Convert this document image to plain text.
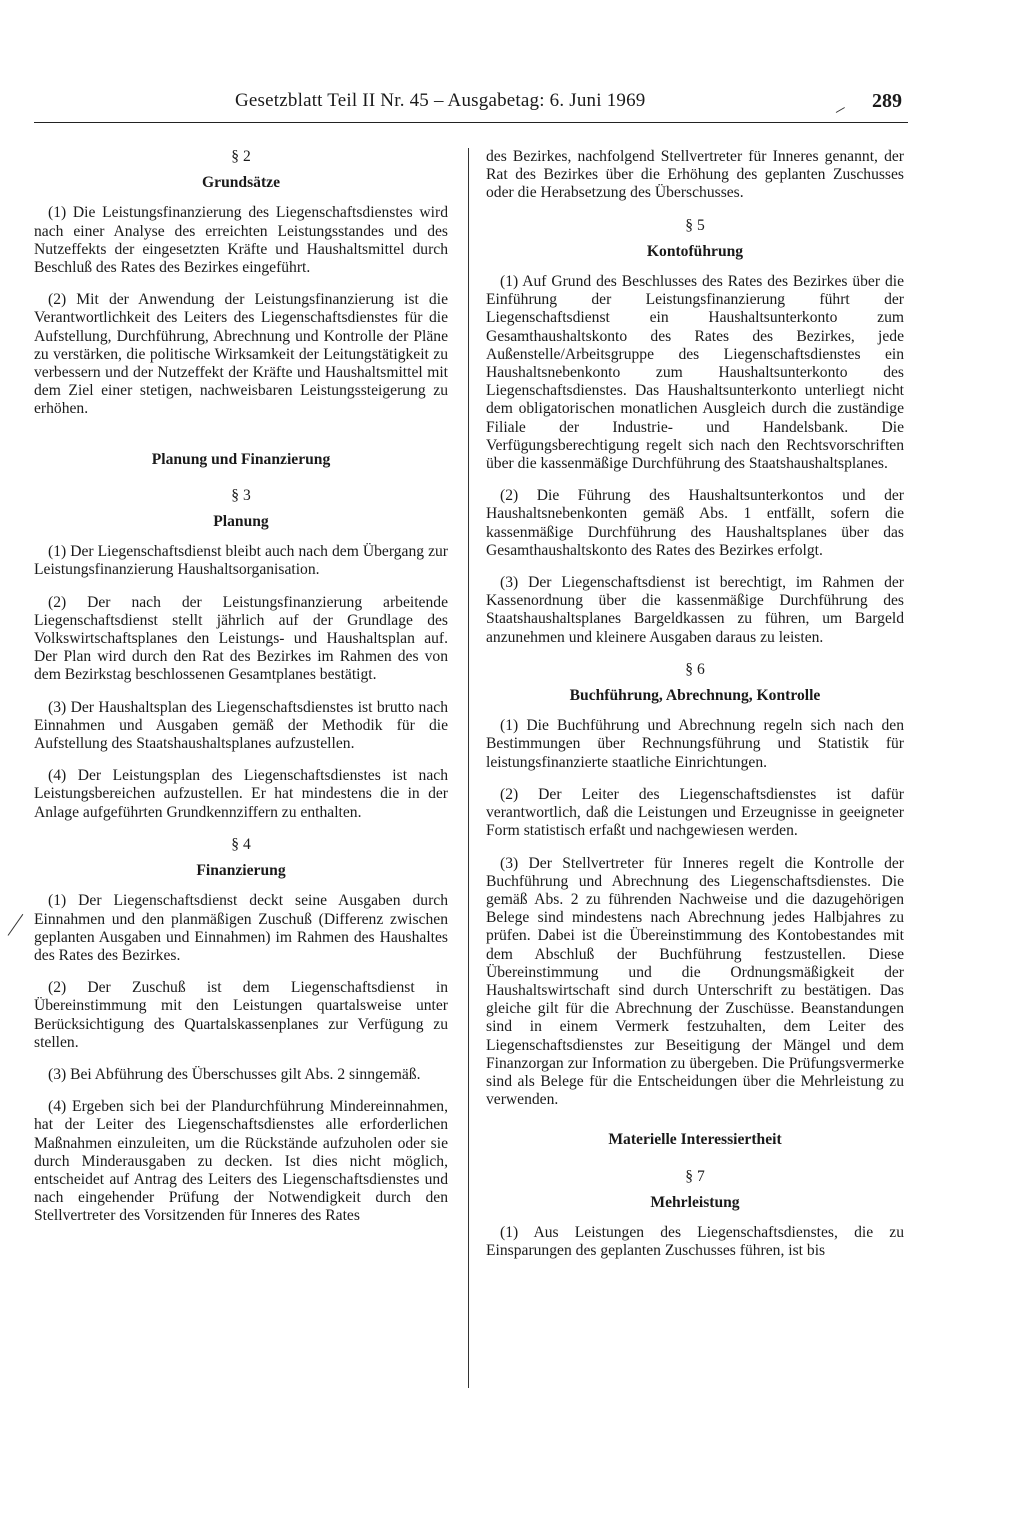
Gesetzblatt Teil II Nr. 45 – Ausgabetag: 6. Juni 1969	289
§ 2
Grundsätze

(1) Die Leistungsfinanzierung des Liegenschaftsdienstes wird nach einer Analyse des erreichten Leistungsstandes und des Nutzeffekts der eingesetzten Kräfte und Haushaltsmittel durch Beschluß des Rates des Bezirkes eingeführt.

(2) Mit der Anwendung der Leistungsfinanzierung ist die Verantwortlichkeit des Leiters des Liegenschaftsdienstes für die Aufstellung, Durchführung, Abrechnung und Kontrolle der Pläne zu verstärken, die politische Wirksamkeit der Leitungstätigkeit zu verbessern und der Nutzeffekt der Kräfte und Haushaltsmittel mit dem Ziel einer stetigen, nachweisbaren Leistungssteigerung zu erhöhen.

Planung und Finanzierung
§ 3
Planung

(1) Der Liegenschaftsdienst bleibt auch nach dem Übergang zur Leistungsfinanzierung Haushaltsorganisation.

(2) Der nach der Leistungsfinanzierung arbeitende Liegenschaftsdienst stellt jährlich auf der Grundlage des Volkswirtschaftsplanes den Leistungs- und Haushaltsplan auf. Der Plan wird durch den Rat des Bezirkes im Rahmen des von dem Bezirkstag beschlossenen Gesamtplanes bestätigt.

(3) Der Haushaltsplan des Liegenschaftsdienstes ist brutto nach Einnahmen und Ausgaben gemäß der Methodik für die Aufstellung des Staatshaushaltsplanes aufzustellen.

(4) Der Leistungsplan des Liegenschaftsdienstes ist nach Leistungsbereichen aufzustellen. Er hat mindestens die in der Anlage aufgeführten Grundkennziffern zu enthalten.

§ 4
Finanzierung

(1) Der Liegenschaftsdienst deckt seine Ausgaben durch Einnahmen und den planmäßigen Zuschuß (Differenz zwischen geplanten Ausgaben und Einnahmen) im Rahmen des Haushaltes des Rates des Bezirkes.

(2) Der Zuschuß ist dem Liegenschaftsdienst in Übereinstimmung mit den Leistungen quartalsweise unter Berücksichtigung des Quartalskassenplanes zur Verfügung zu stellen.

(3) Bei Abführung des Überschusses gilt Abs. 2 sinngemäß.

(4) Ergeben sich bei der Plandurchführung Mindereinnahmen, hat der Leiter des Liegenschaftsdienstes alle erforderlichen Maßnahmen einzuleiten, um die Rückstände aufzuholen oder sie durch Minderausgaben zu decken. Ist dies nicht möglich, entscheidet auf Antrag des Leiters des Liegenschaftsdienstes und nach eingehender Prüfung der Notwendigkeit durch den Stellvertreter des Vorsitzenden für Inneres des Rates

des Bezirkes, nachfolgend Stellvertreter für Inneres genannt, der Rat des Bezirkes über die Erhöhung des geplanten Zuschusses oder die Herabsetzung des Überschusses.

§ 5
Kontoführung

(1) Auf Grund des Beschlusses des Rates des Bezirkes über die Einführung der Leistungsfinanzierung führt der Liegenschaftsdienst ein Haushaltsunterkonto zum Gesamthaushaltskonto des Rates des Bezirkes, jede Außenstelle/Arbeitsgruppe des Liegenschaftsdienstes ein Haushaltsnebenkonto zum Haushaltsunterkonto des Liegenschaftsdienstes. Das Haushaltsunterkonto unterliegt nicht dem obligatorischen monatlichen Ausgleich durch die zuständige Filiale der Industrie- und Handelsbank. Die Verfügungsberechtigung regelt sich nach den Rechtsvorschriften über die kassenmäßige Durchführung des Staatshaushaltsplanes.

(2) Die Führung des Haushaltsunterkontos und der Haushaltsnebenkonten gemäß Abs. 1 entfällt, sofern die kassenmäßige Durchführung des Haushaltsplanes über das Gesamthaushaltskonto des Rates des Bezirkes erfolgt.

(3) Der Liegenschaftsdienst ist berechtigt, im Rahmen der Kassenordnung über die kassenmäßige Durchführung des Staatshaushaltsplanes Bargeldkassen zu führen, um Bargeld anzunehmen und kleinere Ausgaben daraus zu leisten.

§ 6
Buchführung, Abrechnung, Kontrolle

(1) Die Buchführung und Abrechnung regeln sich nach den Bestimmungen über Rechnungsführung und Statistik für leistungsfinanzierte staatliche Einrichtungen.

(2) Der Leiter des Liegenschaftsdienstes ist dafür verantwortlich, daß die Leistungen und Erzeugnisse in geeigneter Form statistisch erfaßt und nachgewiesen werden.

(3) Der Stellvertreter für Inneres regelt die Kontrolle der Buchführung und Abrechnung des Liegenschaftsdienstes. Die gemäß Abs. 2 zu führenden Nachweise und die dazugehörigen Belege sind mindestens nach Abrechnung jedes Halbjahres zu prüfen. Dabei ist die Übereinstimmung des Kontobestandes mit dem Abschluß der Buchführung festzustellen. Diese Übereinstimmung und die Ordnungsmäßigkeit der Haushaltswirtschaft sind durch Unterschrift zu bestätigen. Das gleiche gilt für die Abrechnung der Zuschüsse. Beanstandungen sind in einem Vermerk festzuhalten, dem Leiter des Liegenschaftsdienstes zur Beseitigung der Mängel und dem Finanzorgan zur Information zu übergeben. Die Prüfungsvermerke sind als Belege für die Entscheidungen über die Mehrleistung zu verwenden.

Materielle Interessiertheit
§ 7
Mehrleistung

(1) Aus Leistungen des Liegenschaftsdienstes, die zu Einsparungen des geplanten Zuschusses führen, ist bis
